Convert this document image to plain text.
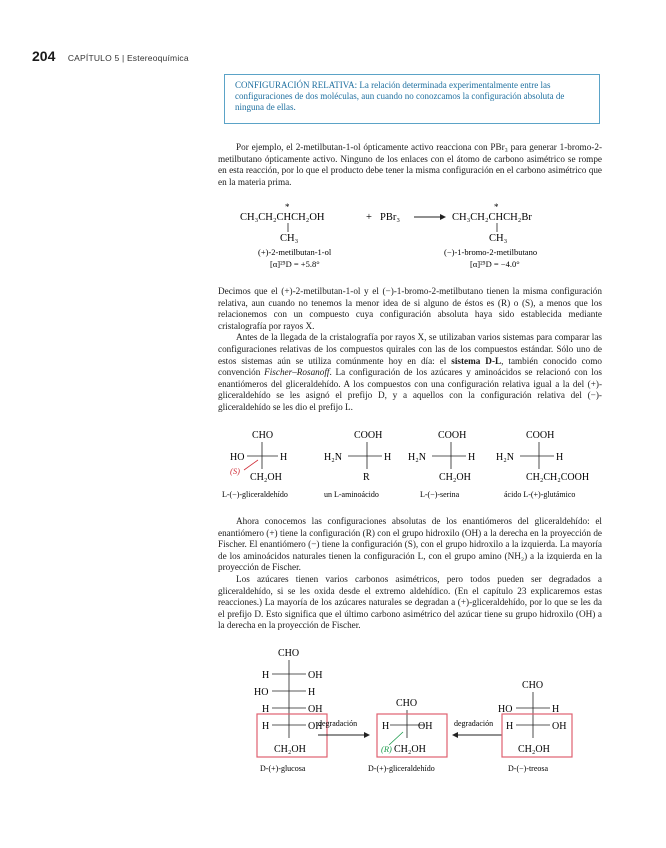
204 CAPÍTULO 5 | Estereoquímica
CONFIGURACIÓN RELATIVA: La relación determinada experimentalmente entre las configuraciones de dos moléculas, aun cuando no conozcamos la configuración absoluta de ninguna de ellas.

Por ejemplo, el 2-metilbutan-1-ol ópticamente activo reacciona con PBr₃ para generar 1-bromo-2-metilbutano ópticamente activo. Ninguno de los enlaces con el átomo de carbono asimétrico se rompe en esta reacción, por lo que el producto debe tener la misma configuración en el carbono asimétrico que en la materia prima.

*
CH₃CH₂CHCH₂OH
CH₃
+ PBr₃
*
CH₃CH₂CHCH₂Br
CH₃
(+)-2-metilbutan-1-ol
[α]²⁵D = +5.8°
(−)-1-bromo-2-metilbutano
[α]²⁵D = −4.0°

Decimos que el (+)-2-metilbutan-1-ol y el (−)-1-bromo-2-metilbutano tienen la misma configuración relativa, aun cuando no tenemos la menor idea de si alguno de éstos es (R) o (S), a menos que los relacionemos con un compuesto cuya configuración absoluta haya sido establecida mediante cristalografía por rayos X.

Antes de la llegada de la cristalografía por rayos X, se utilizaban varios sistemas para comparar las configuraciones relativas de los compuestos quirales con las de los compuestos estándar. Sólo uno de estos sistemas aún se utiliza comúnmente hoy en día: el sistema D-L, también conocido como convención Fischer–Rosanoff. La configuración de los azúcares y aminoácidos se relacionó con los enantiómeros del gliceraldehído. A los compuestos con una configuración relativa igual a la del (+)-gliceraldehído se les asignó el prefijo D, y a aquellos con la configuración relativa del (−)-gliceraldehído se les dio el prefijo L.

CHO
HO	H
CH₂OH
(S)
L-(−)-gliceraldehído
COOH
H₂N	H
R
un L-aminoácido
COOH
H₂N	H
CH₂OH
L-(−)-serina
COOH
H₂N	H
CH₂CH₂COOH
ácido L-(+)-glutámico

Ahora conocemos las configuraciones absolutas de los enantiómeros del gliceraldehído: el enantiómero (+) tiene la configuración (R) con el grupo hidroxilo (OH) a la derecha en la proyección de Fischer. El enantiómero (−) tiene la configuración (S), con el grupo hidroxilo a la izquierda. La mayoría de los aminoácidos naturales tienen la configuración L, con el grupo amino (NH₂) a la izquierda en la proyección de Fischer.

Los azúcares tienen varios carbonos asimétricos, pero todos pueden ser degradados a gliceraldehído, si se les oxida desde el extremo aldehídico. (En el capítulo 23 explicaremos estas reacciones.) La mayoría de los azúcares naturales se degradan a (+)-gliceraldehído, por lo que se les da el prefijo D. Esto significa que el último carbono asimétrico del azúcar tiene su grupo hidroxilo (OH) a la derecha en la proyección de Fischer.

CHO
H	OH
HO	H
H	OH
H	OH
CH₂OH
D-(+)-glucosa
degradación
CHO
H	OH
CH₂OH
(R)
D-(+)-gliceraldehído
degradación
CHO
HO	H
H	OH
CH₂OH
D-(−)-treosa
